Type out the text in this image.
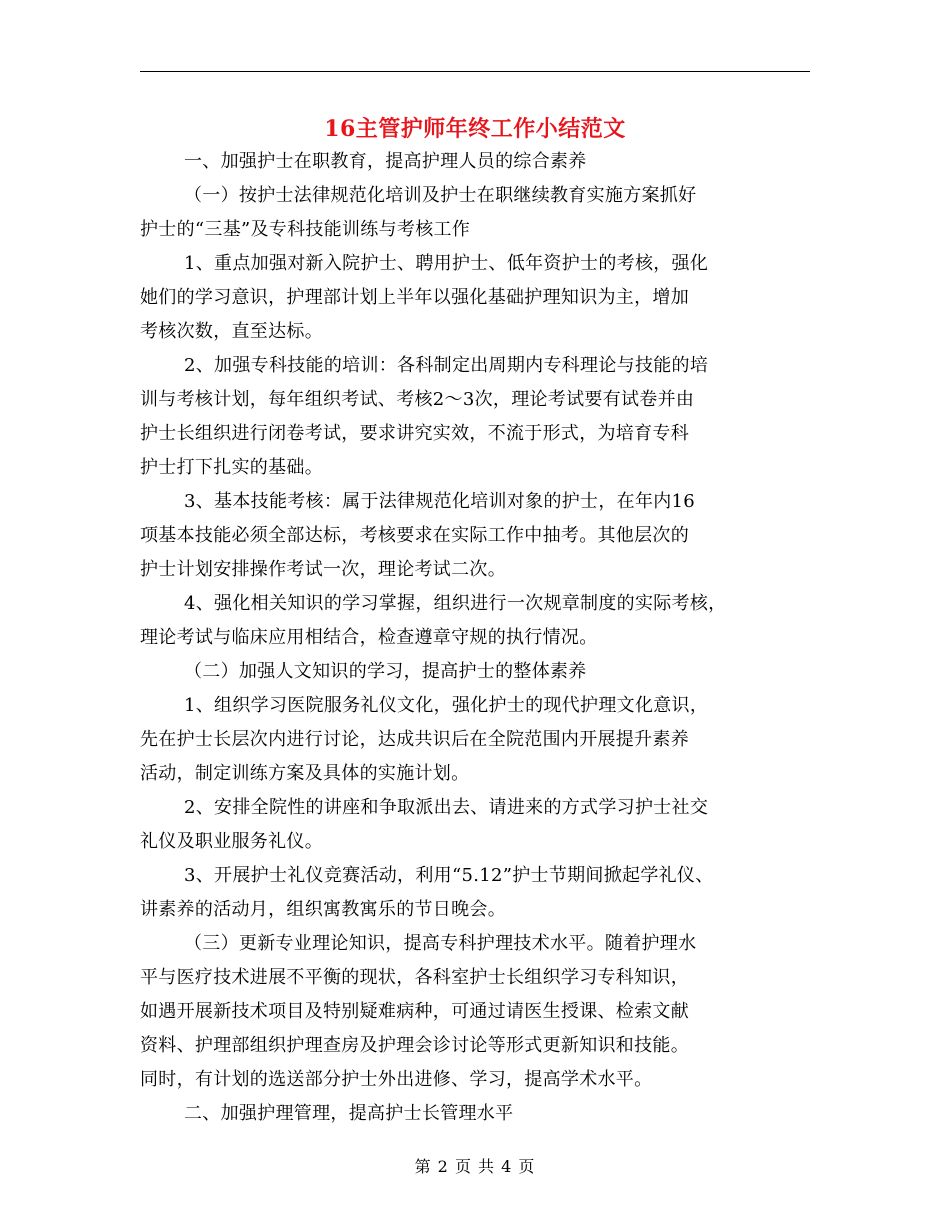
16主管护师年终工作小结范文
一、加强护士在职教育，提高护理人员的综合素养
（一）按护士法律规范化培训及护士在职继续教育实施方案抓好
护士的“三基”及专科技能训练与考核工作
1、重点加强对新入院护士、聘用护士、低年资护士的考核，强化
她们的学习意识，护理部计划上半年以强化基础护理知识为主，增加
考核次数，直至达标。
2、加强专科技能的培训：各科制定出周期内专科理论与技能的培
训与考核计划，每年组织考试、考核2～3次，理论考试要有试卷并由
护士长组织进行闭卷考试，要求讲究实效，不流于形式，为培育专科
护士打下扎实的基础。
3、基本技能考核：属于法律规范化培训对象的护士，在年内16
项基本技能必须全部达标，考核要求在实际工作中抽考。其他层次的
护士计划安排操作考试一次，理论考试二次。
4、强化相关知识的学习掌握，组织进行一次规章制度的实际考核，
理论考试与临床应用相结合，检查遵章守规的执行情况。
（二）加强人文知识的学习，提高护士的整体素养
1、组织学习医院服务礼仪文化，强化护士的现代护理文化意识，
先在护士长层次内进行讨论，达成共识后在全院范围内开展提升素养
活动，制定训练方案及具体的实施计划。
2、安排全院性的讲座和争取派出去、请进来的方式学习护士社交
礼仪及职业服务礼仪。
3、开展护士礼仪竞赛活动，利用“5.12”护士节期间掀起学礼仪、
讲素养的活动月，组织寓教寓乐的节日晚会。
（三）更新专业理论知识，提高专科护理技术水平。随着护理水
平与医疗技术进展不平衡的现状，各科室护士长组织学习专科知识，
如遇开展新技术项目及特别疑难病种，可通过请医生授课、检索文献
资料、护理部组织护理查房及护理会诊讨论等形式更新知识和技能。
同时，有计划的选送部分护士外出进修、学习，提高学术水平。
二、加强护理管理，提高护士长管理水平
第 2 页 共 4 页
